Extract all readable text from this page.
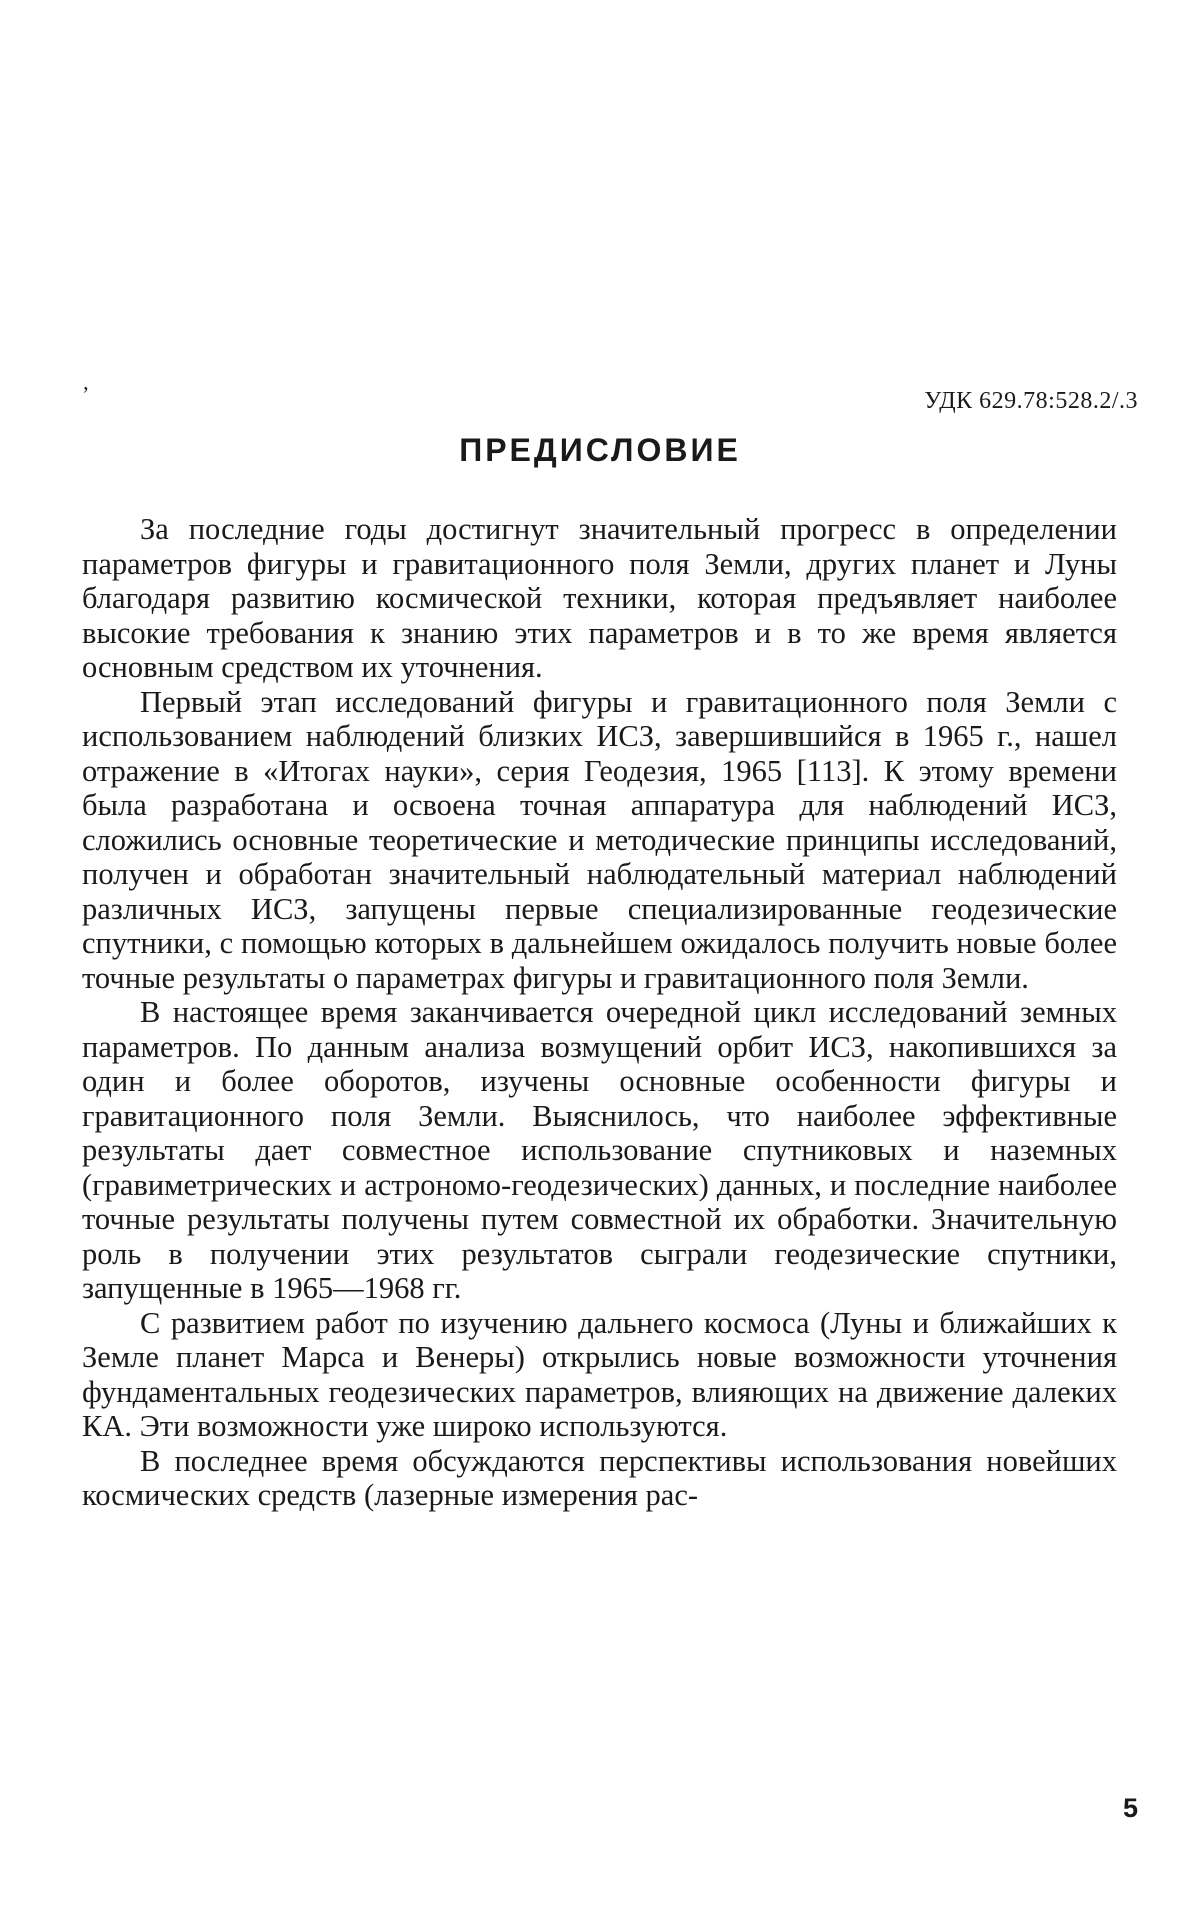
ʼ	УДК 629.78:528.2/.3
ПРЕДИСЛОВИЕ

За последние годы достигнут значительный прогресс в определении параметров фигуры и гравитационного поля Земли, других планет и Луны благодаря развитию космической техники, которая предъявляет наиболее высокие требования к знанию этих параметров и в то же время является основным средством их уточнения.

Первый этап исследований фигуры и гравитационного поля Земли с использованием наблюдений близких ИСЗ, завершившийся в 1965 г., нашел отражение в «Итогах науки», серия Геодезия, 1965 [113]. К этому времени была разработана и освоена точная аппаратура для наблюдений ИСЗ, сложились основные теоретические и методические принципы исследований, получен и обработан значительный наблюдательный материал наблюдений различных ИСЗ, запущены первые специализированные геодезические спутники, с помощью которых в дальнейшем ожидалось получить новые более точные результаты о параметрах фигуры и гравитационного поля Земли.

В настоящее время заканчивается очередной цикл исследований земных параметров. По данным анализа возмущений орбит ИСЗ, накопившихся за один и более оборотов, изучены основные особенности фигуры и гравитационного поля Земли. Выяснилось, что наиболее эффективные результаты дает совместное использование спутниковых и наземных (гравиметрических и астрономо-геодезических) данных, и последние наиболее точные результаты получены путем совместной их обработки. Значительную роль в получении этих результатов сыграли геодезические спутники, запущенные в 1965—1968 гг.

С развитием работ по изучению дальнего космоса (Луны и ближайших к Земле планет Марса и Венеры) открылись новые возможности уточнения фундаментальных геодезических параметров, влияющих на движение далеких КА. Эти возможности уже широко используются.

В последнее время обсуждаются перспективы использования новейших космических средств (лазерные измерения рас-

5
